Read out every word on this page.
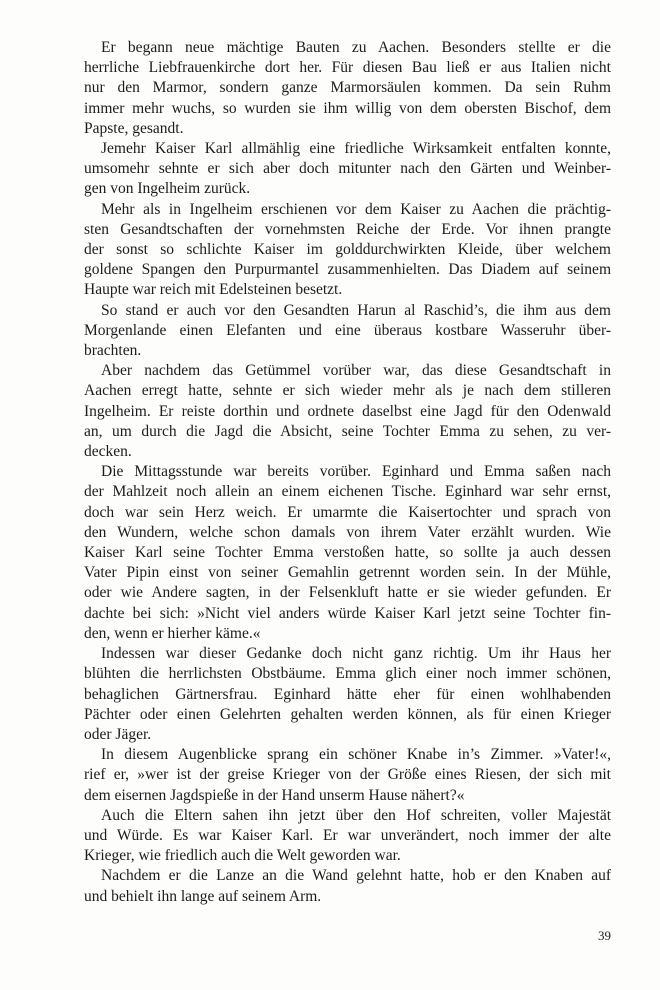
Er begann neue mächtige Bauten zu Aachen. Besonders stellte er die
herrliche Liebfrauenkirche dort her. Für diesen Bau ließ er aus Italien nicht
nur den Marmor, sondern ganze Marmorsäulen kommen. Da sein Ruhm
immer mehr wuchs, so wurden sie ihm willig von dem obersten Bischof, dem
Papste, gesandt.
Jemehr Kaiser Karl allmählig eine friedliche Wirksamkeit entfalten konnte,
umsomehr sehnte er sich aber doch mitunter nach den Gärten und Weinber-
gen von Ingelheim zurück.
Mehr als in Ingelheim erschienen vor dem Kaiser zu Aachen die prächtig-
sten Gesandtschaften der vornehmsten Reiche der Erde. Vor ihnen prangte
der sonst so schlichte Kaiser im golddurchwirkten Kleide, über welchem
goldene Spangen den Purpurmantel zusammenhielten. Das Diadem auf seinem
Haupte war reich mit Edelsteinen besetzt.
So stand er auch vor den Gesandten Harun al Raschid’s, die ihm aus dem
Morgenlande einen Elefanten und eine überaus kostbare Wasseruhr über-
brachten.
Aber nachdem das Getümmel vorüber war, das diese Gesandtschaft in
Aachen erregt hatte, sehnte er sich wieder mehr als je nach dem stilleren
Ingelheim. Er reiste dorthin und ordnete daselbst eine Jagd für den Odenwald
an, um durch die Jagd die Absicht, seine Tochter Emma zu sehen, zu ver-
decken.
Die Mittagsstunde war bereits vorüber. Eginhard und Emma saßen nach
der Mahlzeit noch allein an einem eichenen Tische. Eginhard war sehr ernst,
doch war sein Herz weich. Er umarmte die Kaisertochter und sprach von
den Wundern, welche schon damals von ihrem Vater erzählt wurden. Wie
Kaiser Karl seine Tochter Emma verstoßen hatte, so sollte ja auch dessen
Vater Pipin einst von seiner Gemahlin getrennt worden sein. In der Mühle,
oder wie Andere sagten, in der Felsenkluft hatte er sie wieder gefunden. Er
dachte bei sich: »Nicht viel anders würde Kaiser Karl jetzt seine Tochter fin-
den, wenn er hierher käme.«
Indessen war dieser Gedanke doch nicht ganz richtig. Um ihr Haus her
blühten die herrlichsten Obstbäume. Emma glich einer noch immer schönen,
behaglichen Gärtnersfrau. Eginhard hätte eher für einen wohlhabenden
Pächter oder einen Gelehrten gehalten werden können, als für einen Krieger
oder Jäger.
In diesem Augenblicke sprang ein schöner Knabe in’s Zimmer. »Vater!«,
rief er, »wer ist der greise Krieger von der Größe eines Riesen, der sich mit
dem eisernen Jagdspieße in der Hand unserm Hause nähert?«
Auch die Eltern sahen ihn jetzt über den Hof schreiten, voller Majestät
und Würde. Es war Kaiser Karl. Er war unverändert, noch immer der alte
Krieger, wie friedlich auch die Welt geworden war.
Nachdem er die Lanze an die Wand gelehnt hatte, hob er den Knaben auf
und behielt ihn lange auf seinem Arm.
39
